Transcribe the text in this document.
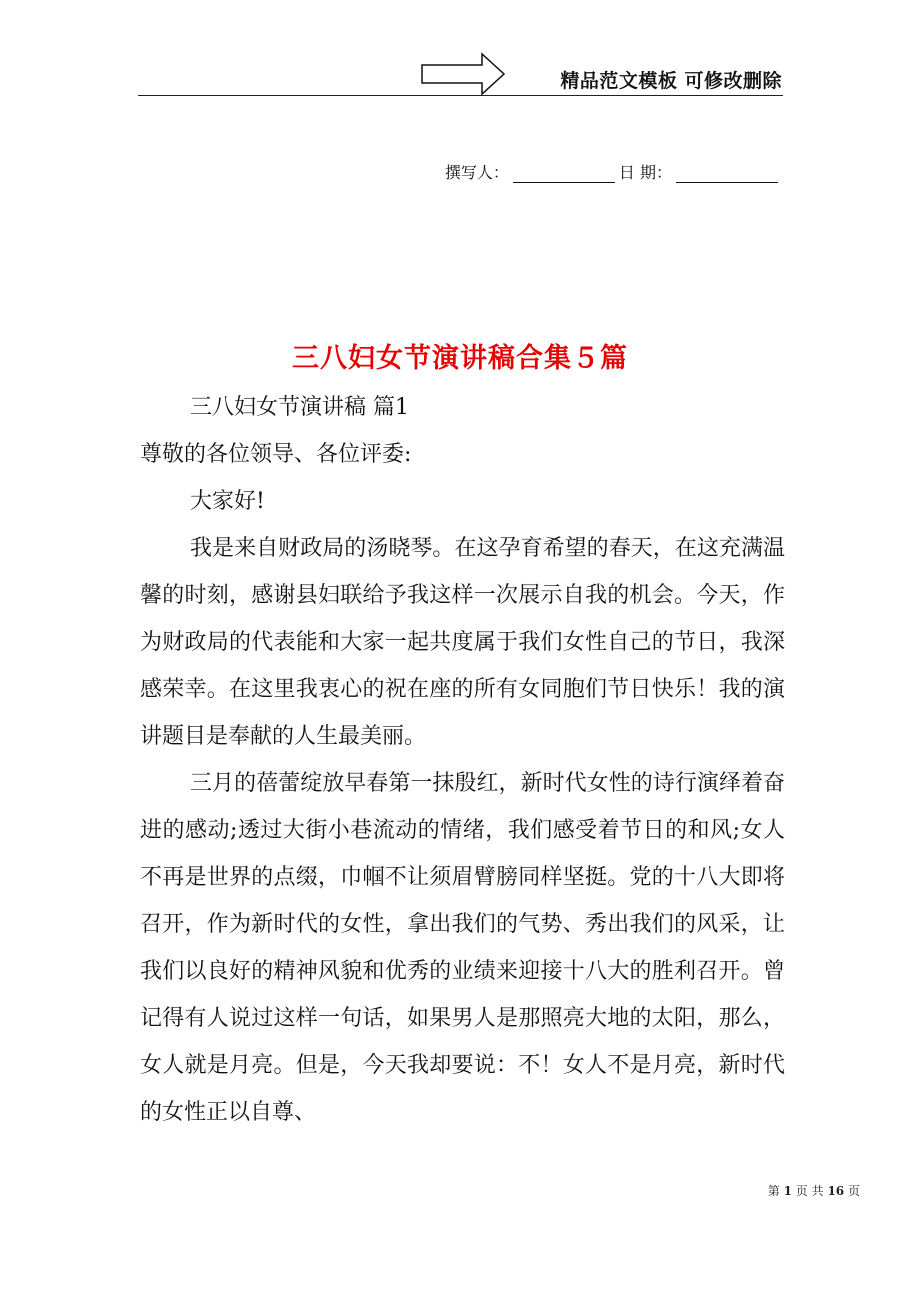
精品范文模板 可修改删除
撰写人：	日 期：
三八妇女节演讲稿合集５篇

三八妇女节演讲稿 篇1

尊敬的各位领导、各位评委:

大家好!

我是来自财政局的汤晓琴。在这孕育希望的春天，在这充满温馨的时刻，感谢县妇联给予我这样一次展示自我的机会。今天，作为财政局的代表能和大家一起共度属于我们女性自己的节日，我深感荣幸。在这里我衷心的祝在座的所有女同胞们节日快乐！我的演讲题目是奉献的人生最美丽。

三月的蓓蕾绽放早春第一抹殷红，新时代女性的诗行演绎着奋进的感动;透过大街小巷流动的情绪，我们感受着节日的和风;女人不再是世界的点缀，巾帼不让须眉臂膀同样坚挺。党的十八大即将召开，作为新时代的女性，拿出我们的气势、秀出我们的风采，让我们以良好的精神风貌和优秀的业绩来迎接十八大的胜利召开。曾记得有人说过这样一句话，如果男人是那照亮大地的太阳，那么，女人就是月亮。但是，今天我却要说：不！女人不是月亮，新时代的女性正以自尊、

第 1 页 共 16 页
